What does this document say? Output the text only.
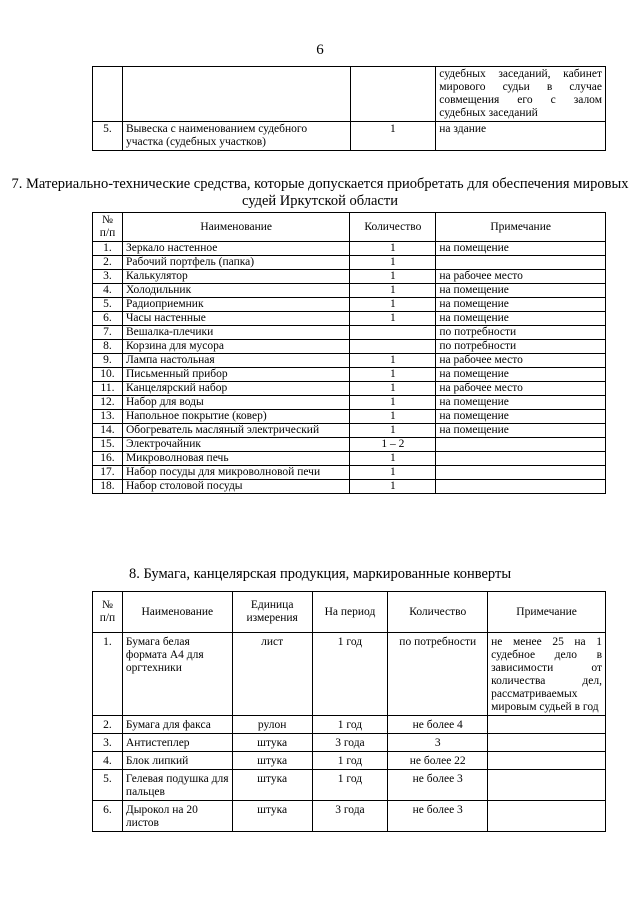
6
			судебных заседаний, кабинет мирового судьи в случае совмещения его с залом судебных заседаний
5.	Вывеска с наименованием судебного участка (судебных участков)	1	на здание
7. Материально-технические средства, которые допускается приобретать для обеспечения мировых судей Иркутской области
№ п/п	Наименование	Количество	Примечание
1.	Зеркало настенное	1	на помещение
2.	Рабочий портфель (папка)	1	
3.	Калькулятор	1	на рабочее место
4.	Холодильник	1	на помещение
5.	Радиоприемник	1	на помещение
6.	Часы настенные	1	на помещение
7.	Вешалка-плечики		по потребности
8.	Корзина для мусора		по потребности
9.	Лампа настольная	1	на рабочее место
10.	Письменный прибор	1	на помещение
11.	Канцелярский набор	1	на рабочее место
12.	Набор для воды	1	на помещение
13.	Напольное покрытие (ковер)	1	на помещение
14.	Обогреватель масляный электрический	1	на помещение
15.	Электрочайник	1 – 2	
16.	Микроволновая печь	1	
17.	Набор посуды для микроволновой печи	1	
18.	Набор столовой посуды	1	
8. Бумага, канцелярская продукция, маркированные конверты
№ п/п	Наименование	Единица измерения	На период	Количество	Примечание
1.	Бумага белая формата А4 для оргтехники	лист	1 год	по потребности	не менее 25 на 1 судебное дело в зависимости от количества дел, рассматриваемых мировым судьей в год
2.	Бумага для факса	рулон	1 год	не более 4	
3.	Антистеплер	штука	3 года	3	
4.	Блок липкий	штука	1 год	не более 22	
5.	Гелевая подушка для пальцев	штука	1 год	не более 3	
6.	Дырокол на 20 листов	штука	3 года	не более 3	
